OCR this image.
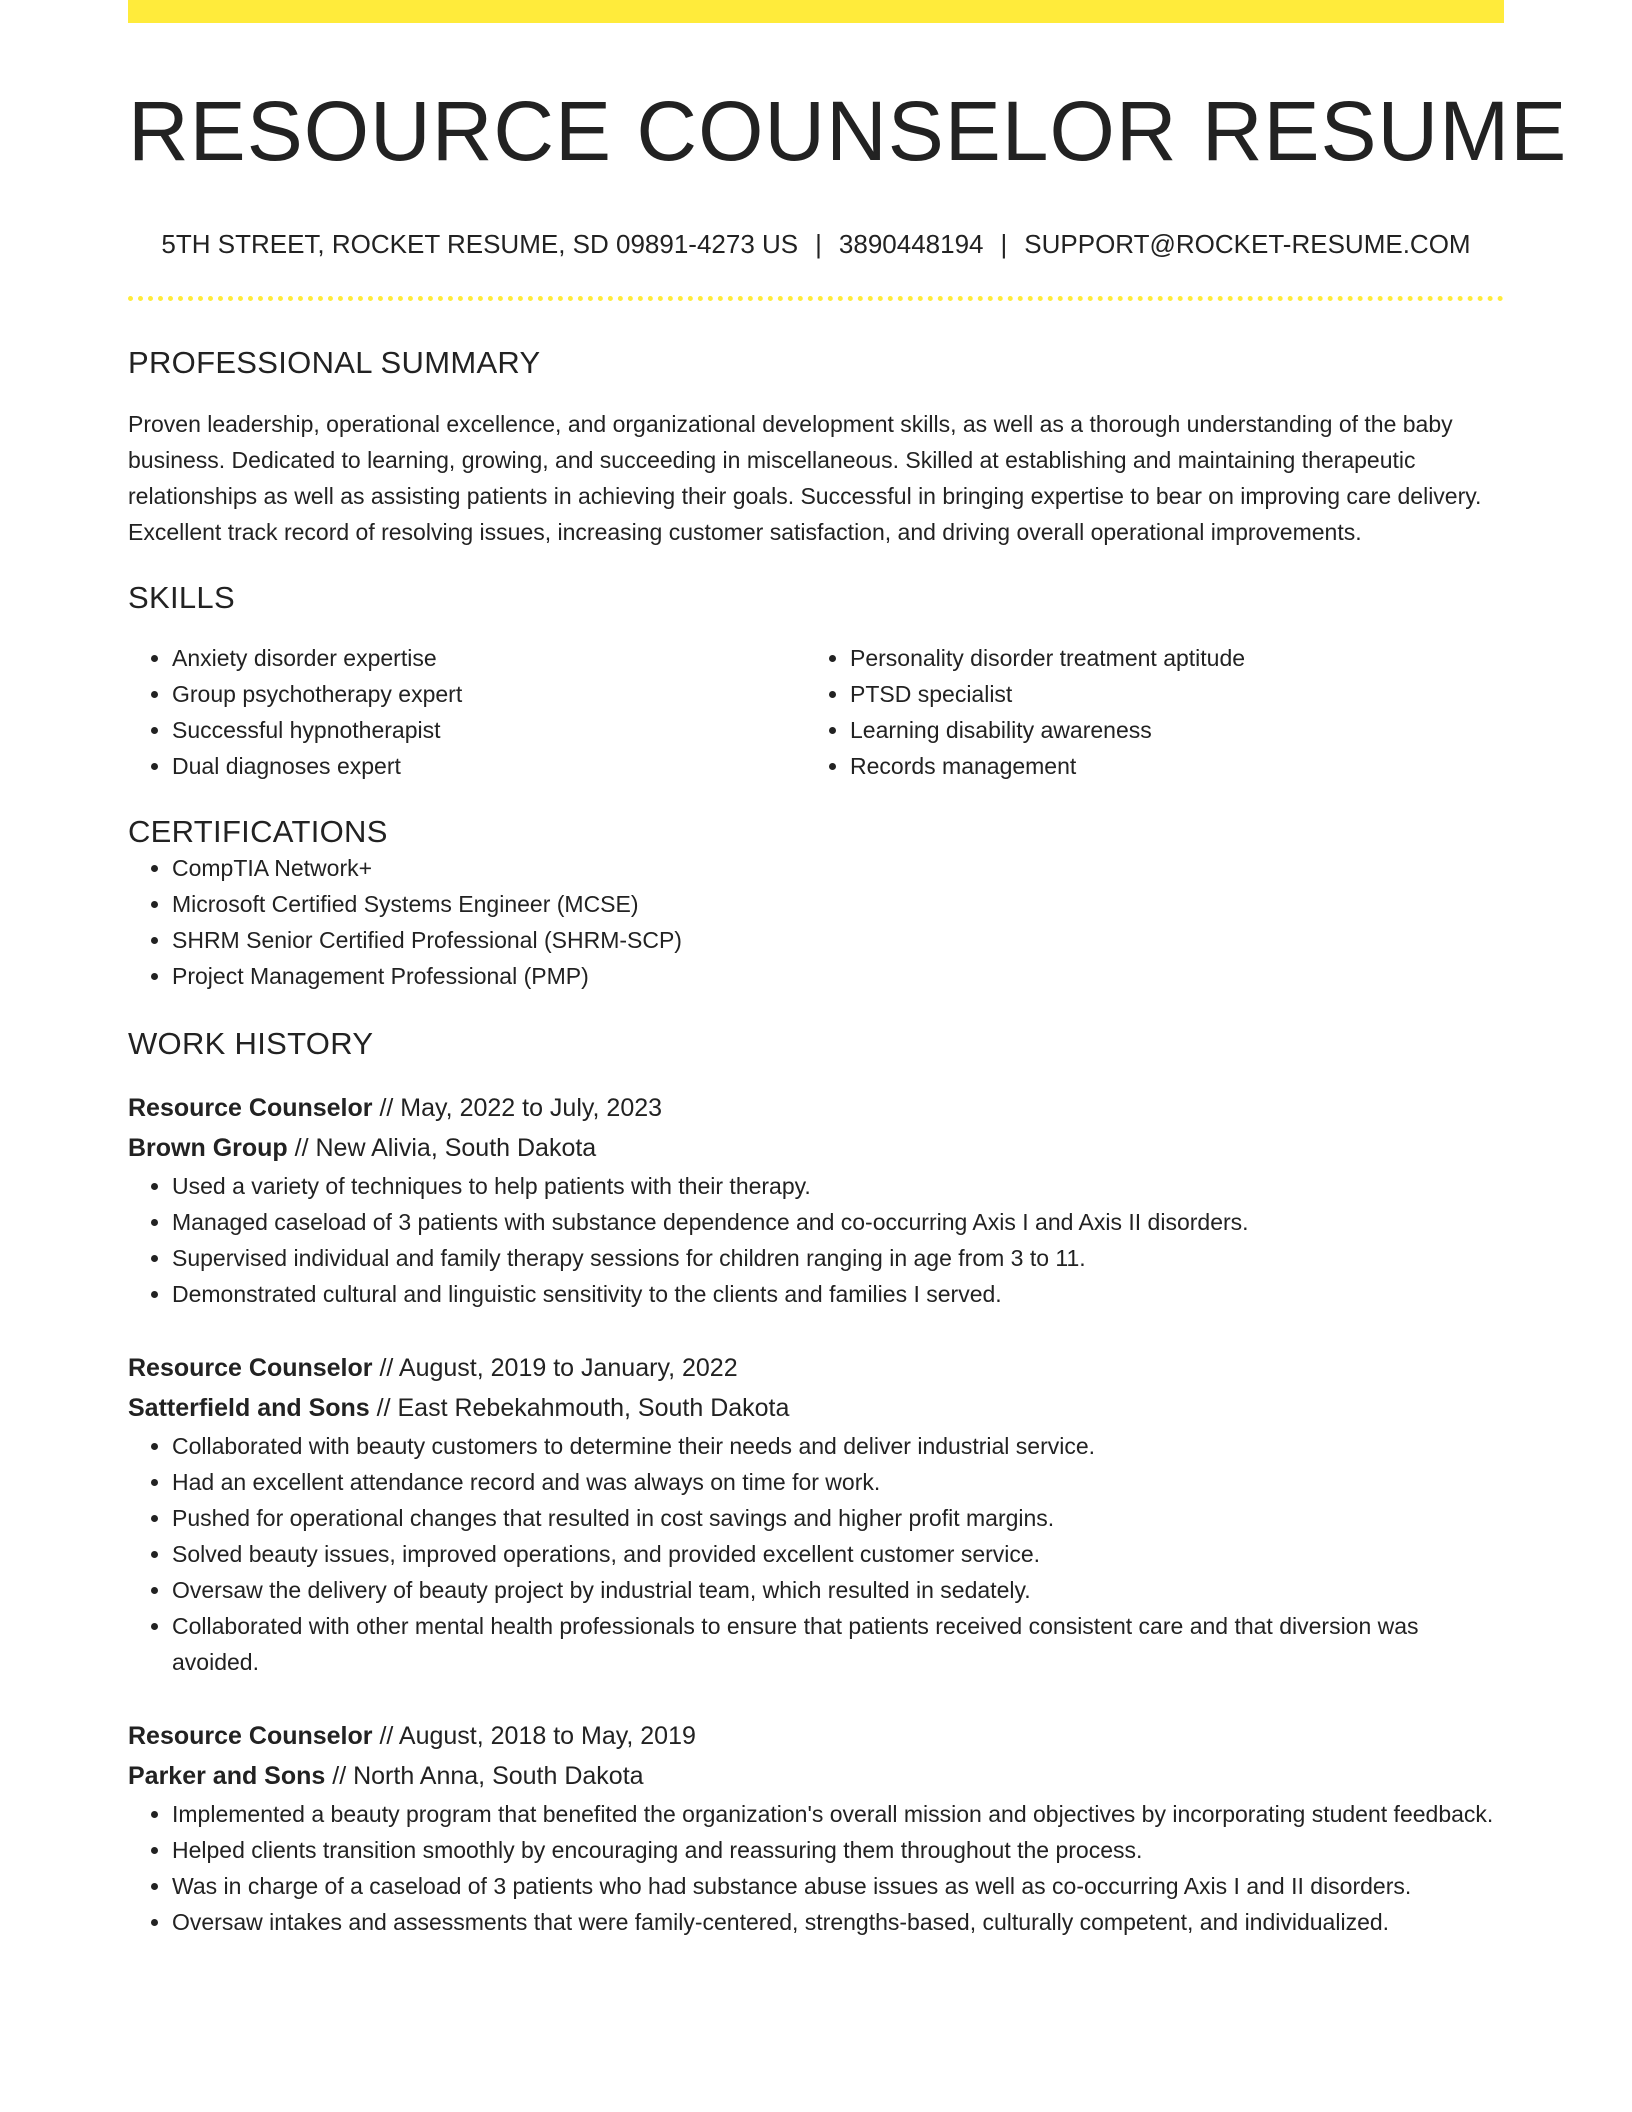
RESOURCE COUNSELOR RESUME
5TH STREET, ROCKET RESUME, SD 09891-4273 US | 3890448194 | SUPPORT@ROCKET-RESUME.COM
PROFESSIONAL SUMMARY

Proven leadership, operational excellence, and organizational development skills, as well as a thorough understanding of the baby business. Dedicated to learning, growing, and succeeding in miscellaneous. Skilled at establishing and maintaining therapeutic relationships as well as assisting patients in achieving their goals. Successful in bringing expertise to bear on improving care delivery. Excellent track record of resolving issues, increasing customer satisfaction, and driving overall operational improvements.

SKILLS
• Anxiety disorder expertise
• Group psychotherapy expert
• Successful hypnotherapist
• Dual diagnoses expert
• Personality disorder treatment aptitude
• PTSD specialist
• Learning disability awareness
• Records management
CERTIFICATIONS
• CompTIA Network+
• Microsoft Certified Systems Engineer (MCSE)
• SHRM Senior Certified Professional (SHRM-SCP)
• Project Management Professional (PMP)
WORK HISTORY
Resource Counselor // May, 2022 to July, 2023
Brown Group // New Alivia, South Dakota
• Used a variety of techniques to help patients with their therapy.
• Managed caseload of 3 patients with substance dependence and co-occurring Axis I and Axis II disorders.
• Supervised individual and family therapy sessions for children ranging in age from 3 to 11.
• Demonstrated cultural and linguistic sensitivity to the clients and families I served.
Resource Counselor // August, 2019 to January, 2022
Satterfield and Sons // East Rebekahmouth, South Dakota
• Collaborated with beauty customers to determine their needs and deliver industrial service.
• Had an excellent attendance record and was always on time for work.
• Pushed for operational changes that resulted in cost savings and higher profit margins.
• Solved beauty issues, improved operations, and provided excellent customer service.
• Oversaw the delivery of beauty project by industrial team, which resulted in sedately.
• Collaborated with other mental health professionals to ensure that patients received consistent care and that diversion was avoided.
Resource Counselor // August, 2018 to May, 2019
Parker and Sons // North Anna, South Dakota
• Implemented a beauty program that benefited the organization's overall mission and objectives by incorporating student feedback.
• Helped clients transition smoothly by encouraging and reassuring them throughout the process.
• Was in charge of a caseload of 3 patients who had substance abuse issues as well as co-occurring Axis I and II disorders.
• Oversaw intakes and assessments that were family-centered, strengths-based, culturally competent, and individualized.
